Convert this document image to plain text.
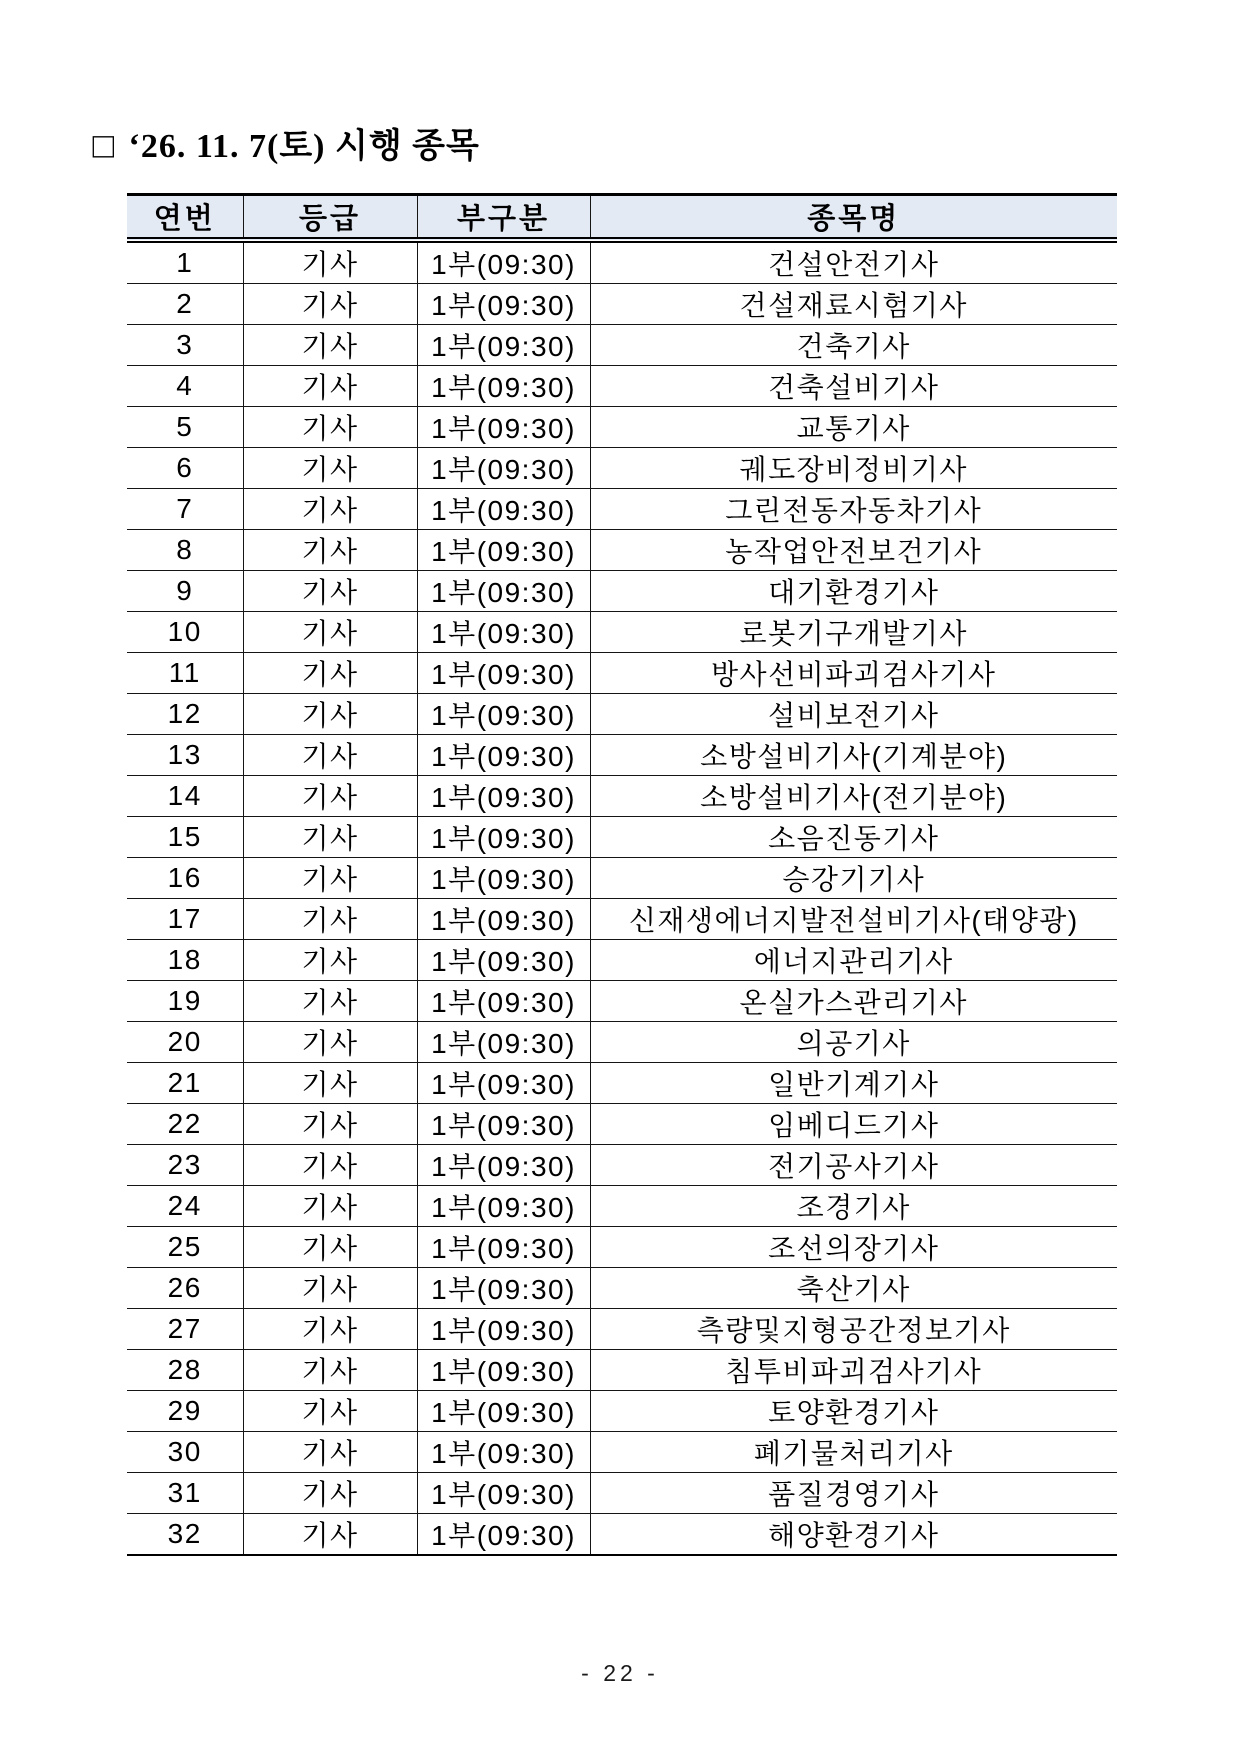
□ ‘26. 11. 7(토) 시행 종목
연번	등급	부구분	종목명
1	기사	1부(09:30)	건설안전기사
2	기사	1부(09:30)	건설재료시험기사
3	기사	1부(09:30)	건축기사
4	기사	1부(09:30)	건축설비기사
5	기사	1부(09:30)	교통기사
6	기사	1부(09:30)	궤도장비정비기사
7	기사	1부(09:30)	그린전동자동차기사
8	기사	1부(09:30)	농작업안전보건기사
9	기사	1부(09:30)	대기환경기사
10	기사	1부(09:30)	로봇기구개발기사
11	기사	1부(09:30)	방사선비파괴검사기사
12	기사	1부(09:30)	설비보전기사
13	기사	1부(09:30)	소방설비기사(기계분야)
14	기사	1부(09:30)	소방설비기사(전기분야)
15	기사	1부(09:30)	소음진동기사
16	기사	1부(09:30)	승강기기사
17	기사	1부(09:30)	신재생에너지발전설비기사(태양광)
18	기사	1부(09:30)	에너지관리기사
19	기사	1부(09:30)	온실가스관리기사
20	기사	1부(09:30)	의공기사
21	기사	1부(09:30)	일반기계기사
22	기사	1부(09:30)	임베디드기사
23	기사	1부(09:30)	전기공사기사
24	기사	1부(09:30)	조경기사
25	기사	1부(09:30)	조선의장기사
26	기사	1부(09:30)	축산기사
27	기사	1부(09:30)	측량및지형공간정보기사
28	기사	1부(09:30)	침투비파괴검사기사
29	기사	1부(09:30)	토양환경기사
30	기사	1부(09:30)	폐기물처리기사
31	기사	1부(09:30)	품질경영기사
32	기사	1부(09:30)	해양환경기사
- 22 -
